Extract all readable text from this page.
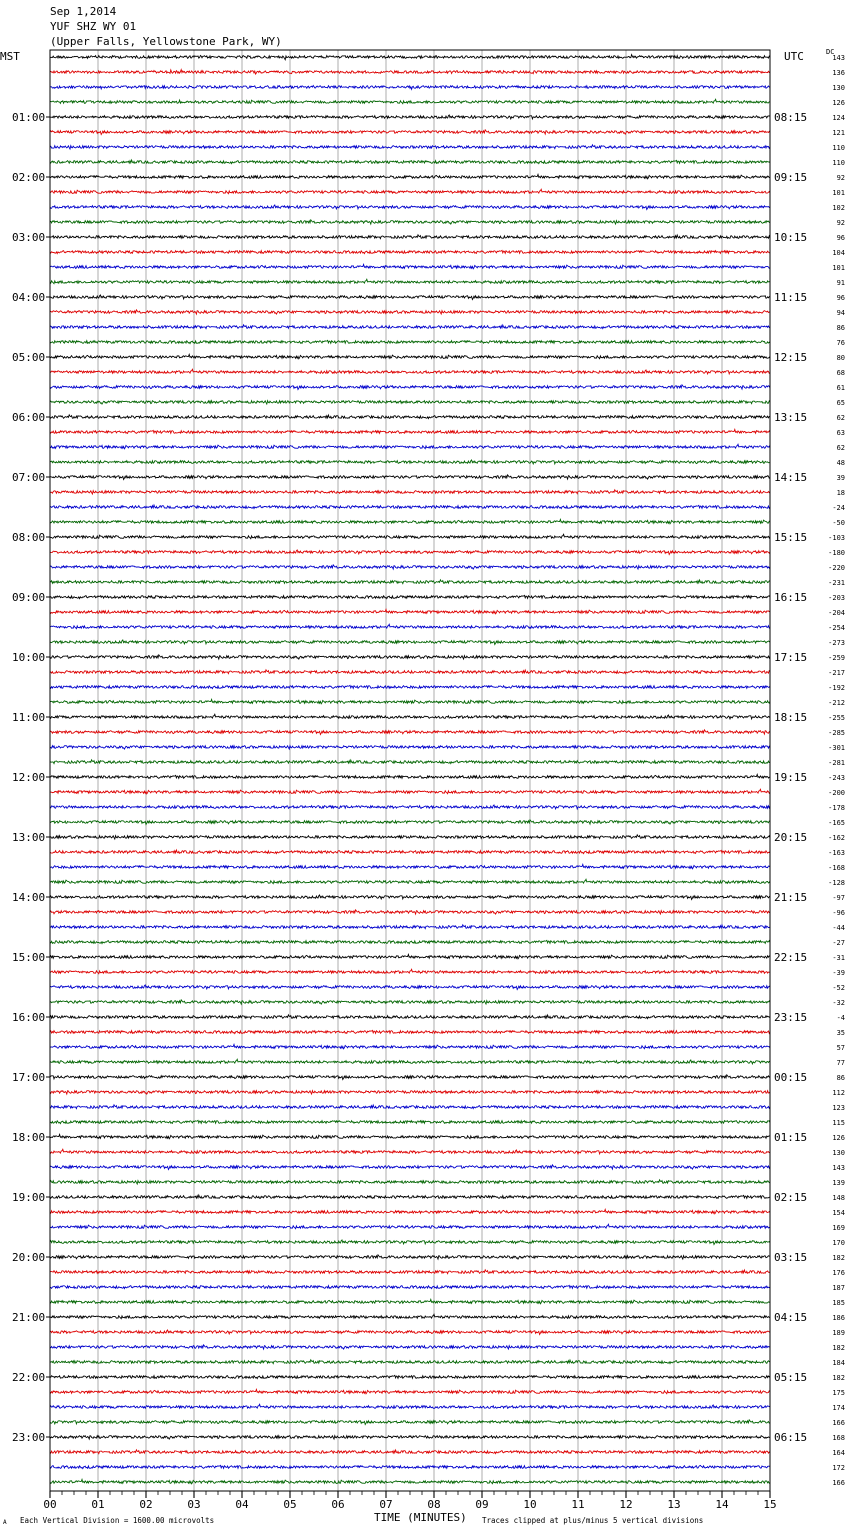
Sep 1,2014
YUF SHZ WY 01
(Upper Falls, Yellowstone Park, WY)
MST	UTC	DC
01:00	08:15
02:00	09:15
03:00	10:15
04:00	11:15
05:00	12:15
06:00	13:15
07:00	14:15
08:00	15:15
09:00	16:15
10:00	17:15
11:00	18:15
12:00	19:15
13:00	20:15
14:00	21:15
15:00	22:15
16:00	23:15
17:00	00:15
18:00	01:15
19:00	02:15
20:00	03:15
21:00	04:15
22:00	05:15
23:00	06:15
143
136
130
126
124
121
110
110
92
101
102
92
96
104
101
91
96
94
86
76
80
68
61
65
62
63
62
48
39
18
-24
-50
-103
-180
-220
-231
-203
-204
-254
-273
-259
-217
-192
-212
-255
-285
-301
-281
-243
-200
-178
-165
-162
-163
-168
-128
-97
-96
-44
-27
-31
-39
-52
-32
-4
35
57
77
86
112
123
115
126
130
143
139
148
154
169
170
182
176
187
185
186
189
182
184
182
175
174
166
168
164
172
166
00	01	02	03	04	05	06	07	08	09	10	11	12	13	14	15
TIME (MINUTES)
Each Vertical Division = 1600.00 microvolts	Traces clipped at plus/minus 5 vertical divisions
A
